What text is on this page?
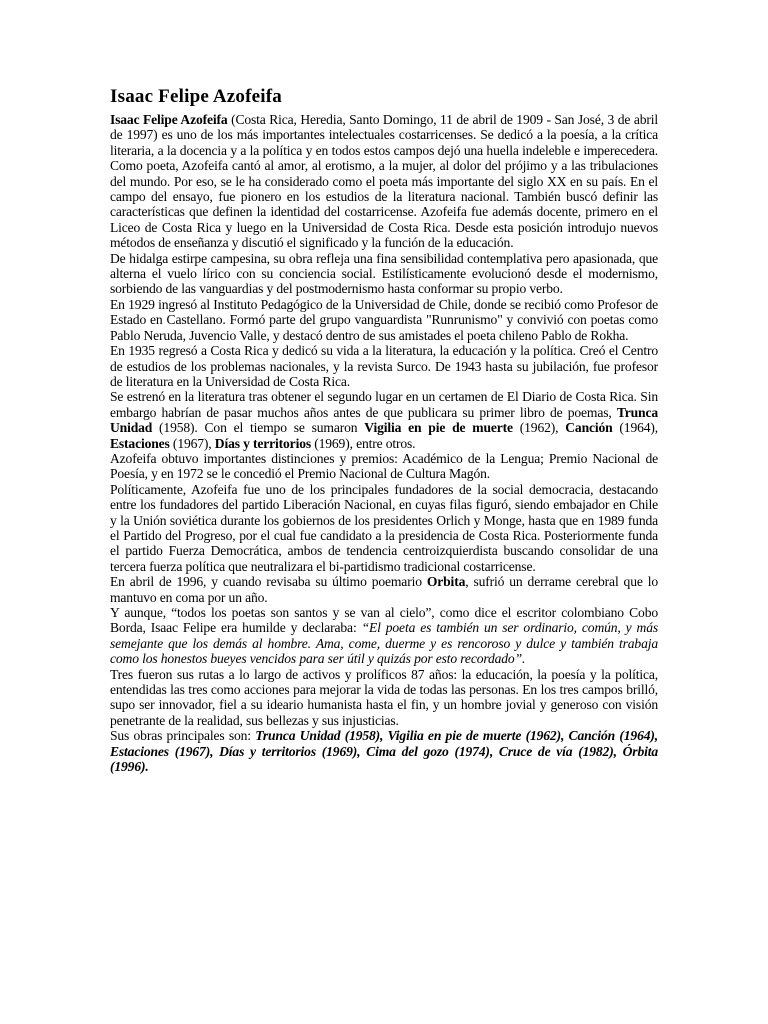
Isaac Felipe Azofeifa

Isaac Felipe Azofeifa (Costa Rica, Heredia, Santo Domingo, 11 de abril de 1909 - San José, 3 de abril de 1997) es uno de los más importantes intelectuales costarricenses. Se dedicó a la poesía, a la crítica literaria, a la docencia y a la política y en todos estos campos dejó una huella indeleble e imperecedera. Como poeta, Azofeifa cantó al amor, al erotismo, a la mujer, al dolor del prójimo y a las tribulaciones del mundo. Por eso, se le ha considerado como el poeta más importante del siglo XX en su país. En el campo del ensayo, fue pionero en los estudios de la literatura nacional. También buscó definir las características que definen la identidad del costarricense. Azofeifa fue además docente, primero en el Liceo de Costa Rica y luego en la Universidad de Costa Rica. Desde esta posición introdujo nuevos métodos de enseñanza y discutió el significado y la función de la educación.

De hidalga estirpe campesina, su obra refleja una fina sensibilidad contemplativa pero apasionada, que alterna el vuelo lírico con su conciencia social. Estilísticamente evolucionó desde el modernismo, sorbiendo de las vanguardias y del postmodernismo hasta conformar su propio verbo.

En 1929 ingresó al Instituto Pedagógico de la Universidad de Chile, donde se recibió como Profesor de Estado en Castellano. Formó parte del grupo vanguardista "Runrunismo" y convivió con poetas como Pablo Neruda, Juvencio Valle, y destacó dentro de sus amistades el poeta chileno Pablo de Rokha.

En 1935 regresó a Costa Rica y dedicó su vida a la literatura, la educación y la política. Creó el Centro de estudios de los problemas nacionales, y la revista Surco. De 1943 hasta su jubilación, fue profesor de literatura en la Universidad de Costa Rica.

Se estrenó en la literatura tras obtener el segundo lugar en un certamen de El Diario de Costa Rica. Sin embargo habrían de pasar muchos años antes de que publicara su primer libro de poemas, Trunca Unidad (1958). Con el tiempo se sumaron Vigilia en pie de muerte (1962), Canción (1964), Estaciones (1967), Días y territorios (1969), entre otros.

Azofeifa obtuvo importantes distinciones y premios: Académico de la Lengua; Premio Nacional de Poesía, y en 1972 se le concedió el Premio Nacional de Cultura Magón.

Políticamente, Azofeifa fue uno de los principales fundadores de la social democracia, destacando entre los fundadores del partido Liberación Nacional, en cuyas filas figuró, siendo embajador en Chile y la Unión soviética durante los gobiernos de los presidentes Orlich y Monge, hasta que en 1989 funda el Partido del Progreso, por el cual fue candidato a la presidencia de Costa Rica. Posteriormente funda el partido Fuerza Democrática, ambos de tendencia centroizquierdista buscando consolidar de una tercera fuerza política que neutralizara el bi-partidismo tradicional costarricense.

En abril de 1996, y cuando revisaba su último poemario Orbita, sufrió un derrame cerebral que lo mantuvo en coma por un año.

Y aunque, “todos los poetas son santos y se van al cielo”, como dice el escritor colombiano Cobo Borda, Isaac Felipe era humilde y declaraba: “El poeta es también un ser ordinario, común, y más semejante que los demás al hombre. Ama, come, duerme y es rencoroso y dulce y también trabaja como los honestos bueyes vencidos para ser útil y quizás por esto recordado”.

Tres fueron sus rutas a lo largo de activos y prolíficos 87 años: la educación, la poesía y la política, entendidas las tres como acciones para mejorar la vida de todas las personas. En los tres campos brilló, supo ser innovador, fiel a su ideario humanista hasta el fin, y un hombre jovial y generoso con visión penetrante de la realidad, sus bellezas y sus injusticias.

Sus obras principales son: Trunca Unidad (1958), Vigilia en pie de muerte (1962), Canción (1964), Estaciones (1967), Días y territorios (1969), Cima del gozo (1974), Cruce de vía (1982), Órbita (1996).
